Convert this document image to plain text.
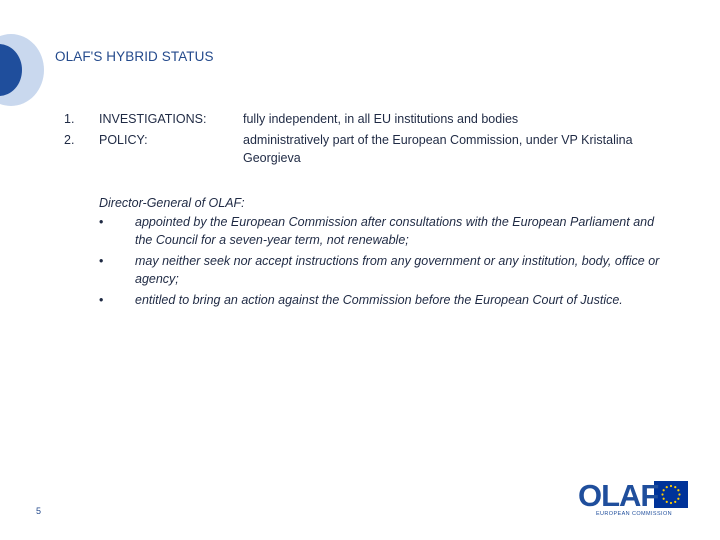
OLAF'S HYBRID STATUS
1. INVESTIGATIONS:	fully independent, in all EU institutions and bodies
2. POLICY:	administratively part of the European Commission, under VP Kristalina Georgieva
Director-General of OLAF:
•	appointed by the European Commission after consultations with the European Parliament and the Council for a seven-year term, not renewable;
•	may neither seek nor accept instructions from any government or any institution, body, office or agency;
•	entitled to bring an action against the Commission before the European Court of Justice.
5	OLAF
EUROPEAN COMMISSION
